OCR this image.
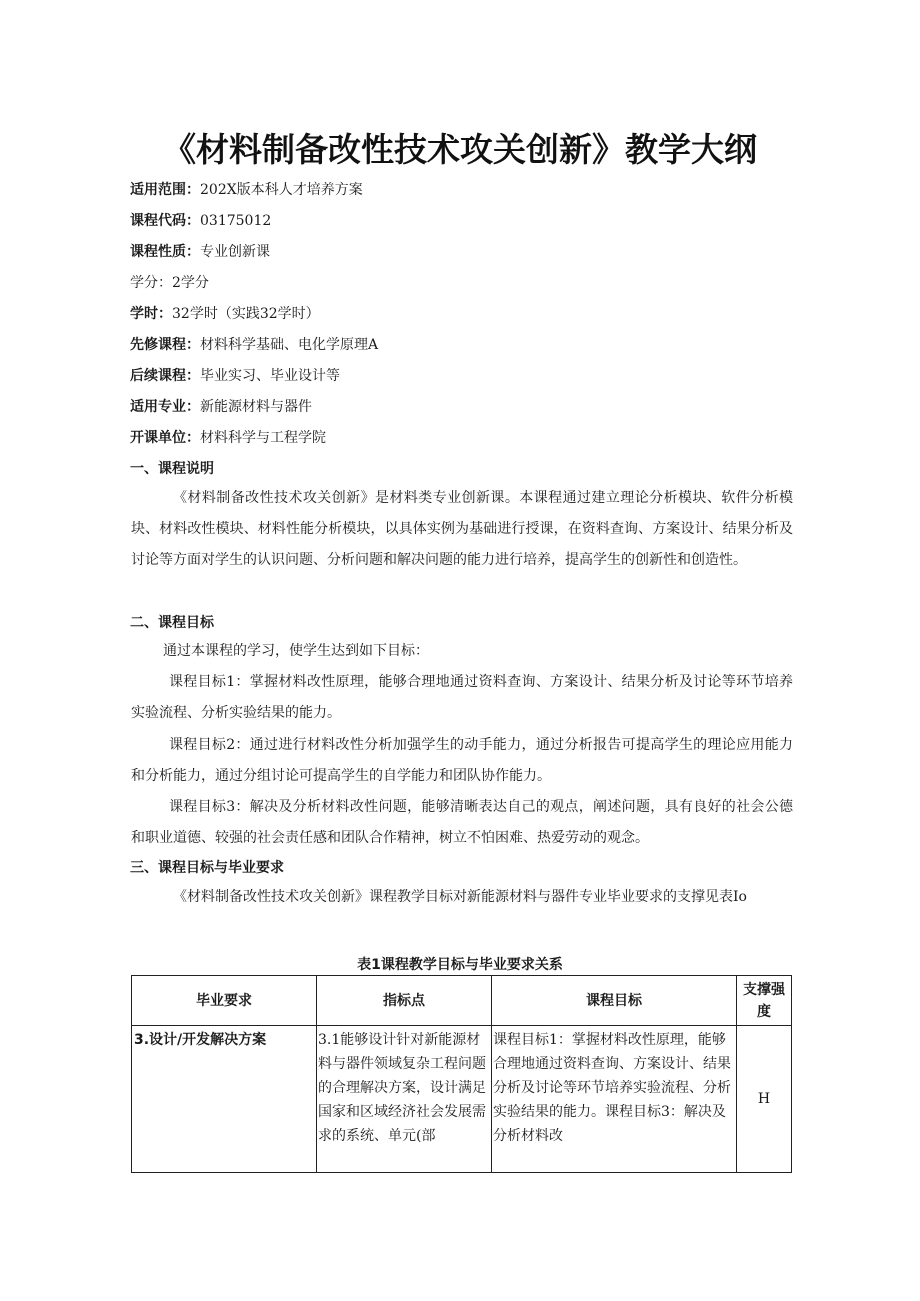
《材料制备改性技术攻关创新》教学大纲
适用范围：202X版本科人才培养方案
课程代码：03175012
课程性质：专业创新课
学分：2学分
学时：32学时（实践32学时）
先修课程：材料科学基础、电化学原理A
后续课程：毕业实习、毕业设计等
适用专业：新能源材料与器件
开课单位：材料科学与工程学院
一、课程说明

《材料制备改性技术攻关创新》是材料类专业创新课。本课程通过建立理论分析模块、软件分析模块、材料改性模块、材料性能分析模块，以具体实例为基础进行授课，在资料查询、方案设计、结果分析及讨论等方面对学生的认识问题、分析问题和解决问题的能力进行培养，提高学生的创新性和创造性。

二、课程目标

通过本课程的学习，使学生达到如下目标：

课程目标1：掌握材料改性原理，能够合理地通过资料查询、方案设计、结果分析及讨论等环节培养实验流程、分析实验结果的能力。

课程目标2：通过进行材料改性分析加强学生的动手能力，通过分析报告可提高学生的理论应用能力和分析能力，通过分组讨论可提高学生的自学能力和团队协作能力。

课程目标3：解决及分析材料改性问题，能够清晰表达自己的观点，阐述问题，具有良好的社会公德和职业道德、较强的社会责任感和团队合作精神，树立不怕困难、热爱劳动的观念。

三、课程目标与毕业要求

《材料制备改性技术攻关创新》课程教学目标对新能源材料与器件专业毕业要求的支撑见表Io

表1课程教学目标与毕业要求关系
毕业要求	指标点	课程目标	支撑强度
3.设计/开发解决方案	3.1能够设计针对新能源材料与器件领域复杂工程问题的合理解决方案，设计满足国家和区域经济社会发展需求的系统、单元(部	课程目标1：掌握材料改性原理，能够合理地通过资料查询、方案设计、结果分析及讨论等环节培养实验流程、分析实验结果的能力。课程目标3：解决及分析材料改	H
